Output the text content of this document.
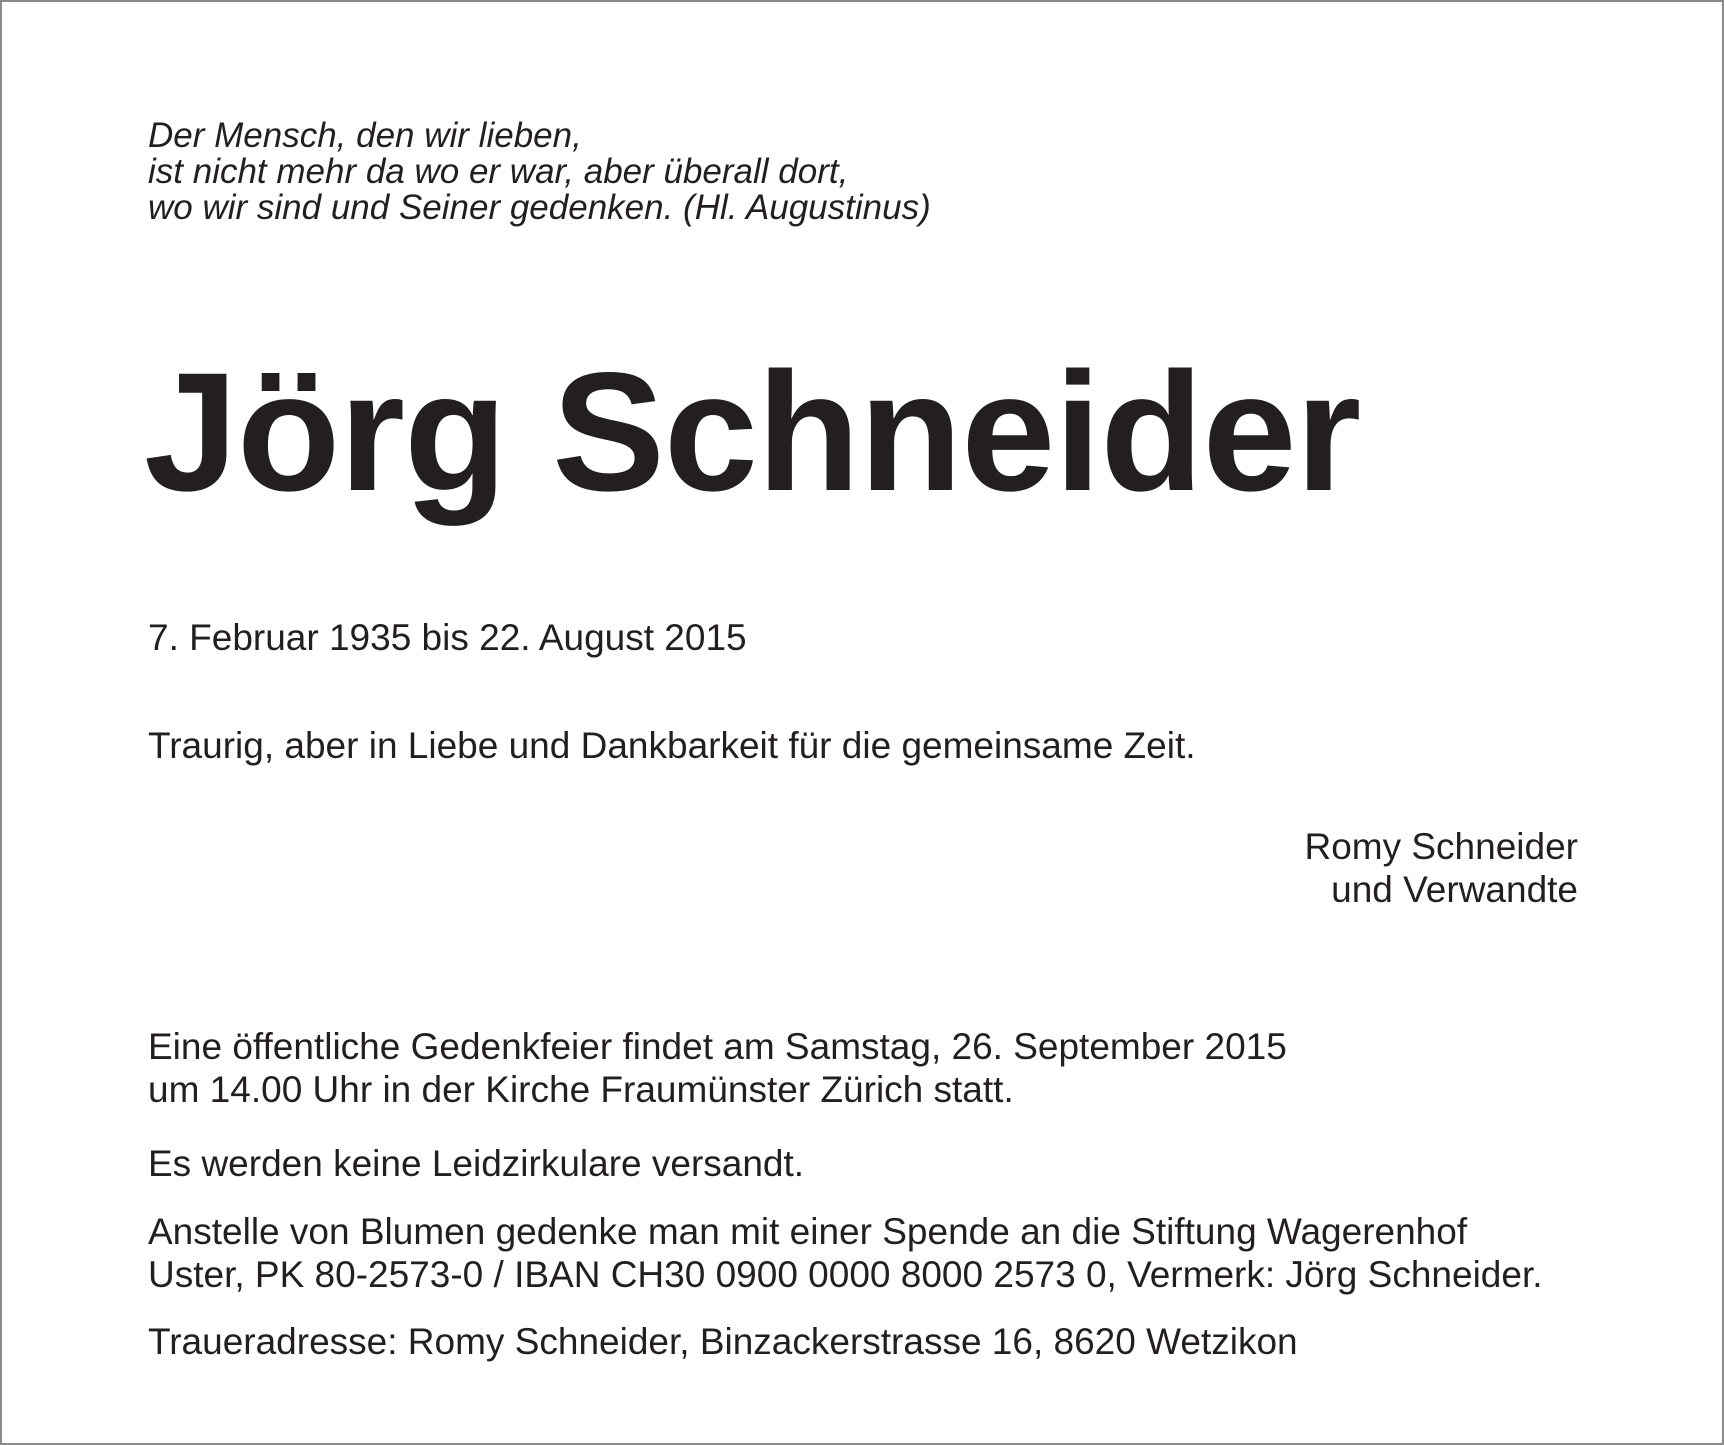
Der Mensch, den wir lieben,
ist nicht mehr da wo er war, aber überall dort,
wo wir sind und Seiner gedenken. (Hl. Augustinus)

Jörg Schneider
7. Februar 1935 bis 22. August 2015
Traurig, aber in Liebe und Dankbarkeit für die gemeinsame Zeit.
Romy Schneider
und Verwandte
Eine öffentliche Gedenkfeier findet am Samstag, 26. September 2015
um 14.00 Uhr in der Kirche Fraumünster Zürich statt.
Es werden keine Leidzirkulare versandt.
Anstelle von Blumen gedenke man mit einer Spende an die Stiftung Wagerenhof
Uster, PK 80-2573-0 / IBAN CH30 0900 0000 8000 2573 0, Vermerk: Jörg Schneider.
Traueradresse: Romy Schneider, Binzackerstrasse 16, 8620 Wetzikon
